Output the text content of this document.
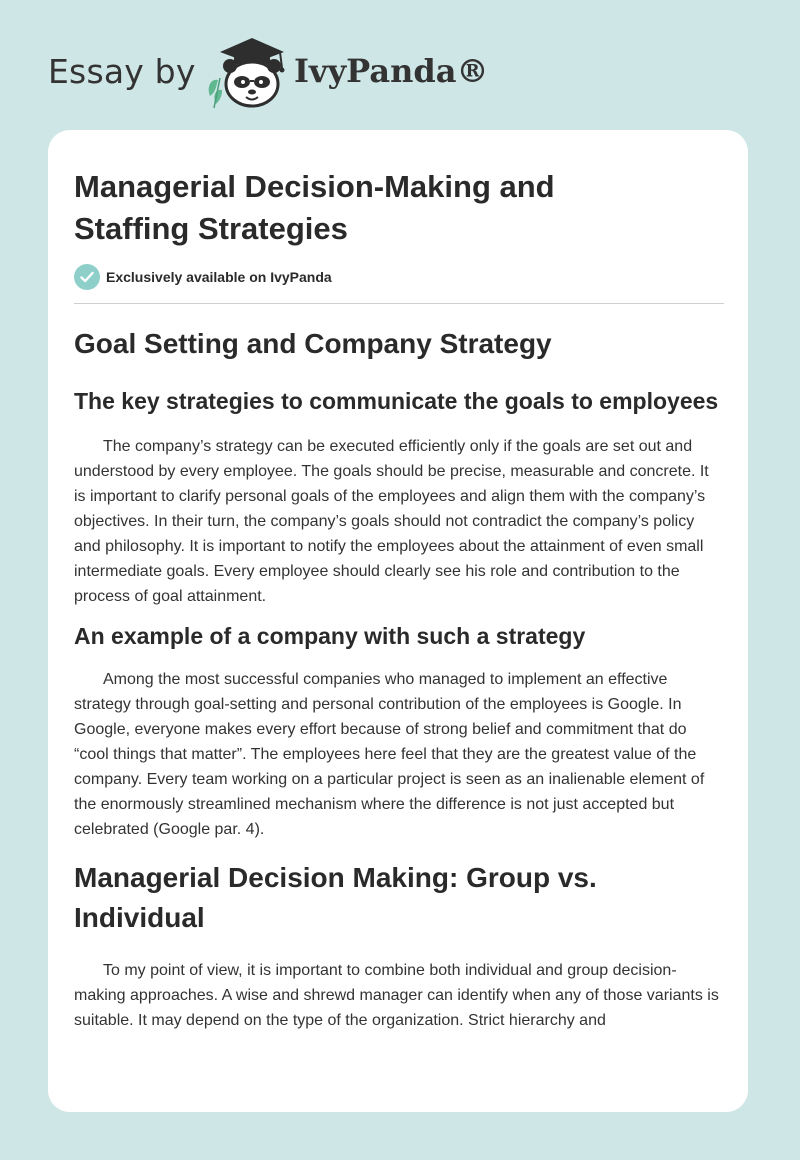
Essay by	IvyPanda®
Managerial Decision-Making and Staffing Strategies
Exclusively available on IvyPanda
Goal Setting and Company Strategy
The key strategies to communicate the goals to employees

The company’s strategy can be executed efficiently only if the goals are set out and understood by every employee. The goals should be precise, measurable and concrete. It is important to clarify personal goals of the employees and align them with the company’s objectives. In their turn, the company’s goals should not contradict the company’s policy and philosophy. It is important to notify the employees about the attainment of even small intermediate goals. Every employee should clearly see his role and contribution to the process of goal attainment.

An example of a company with such a strategy

Among the most successful companies who managed to implement an effective strategy through goal-setting and personal contribution of the employees is Google. In Google, everyone makes every effort because of strong belief and commitment that do “cool things that matter”. The employees here feel that they are the greatest value of the company. Every team working on a particular project is seen as an inalienable element of the enormously streamlined mechanism where the difference is not just accepted but celebrated (Google par. 4).

Managerial Decision Making: Group vs. Individual

To my point of view, it is important to combine both individual and group decision-making approaches. A wise and shrewd manager can identify when any of those variants is suitable. It may depend on the type of the organization. Strict hierarchy and
